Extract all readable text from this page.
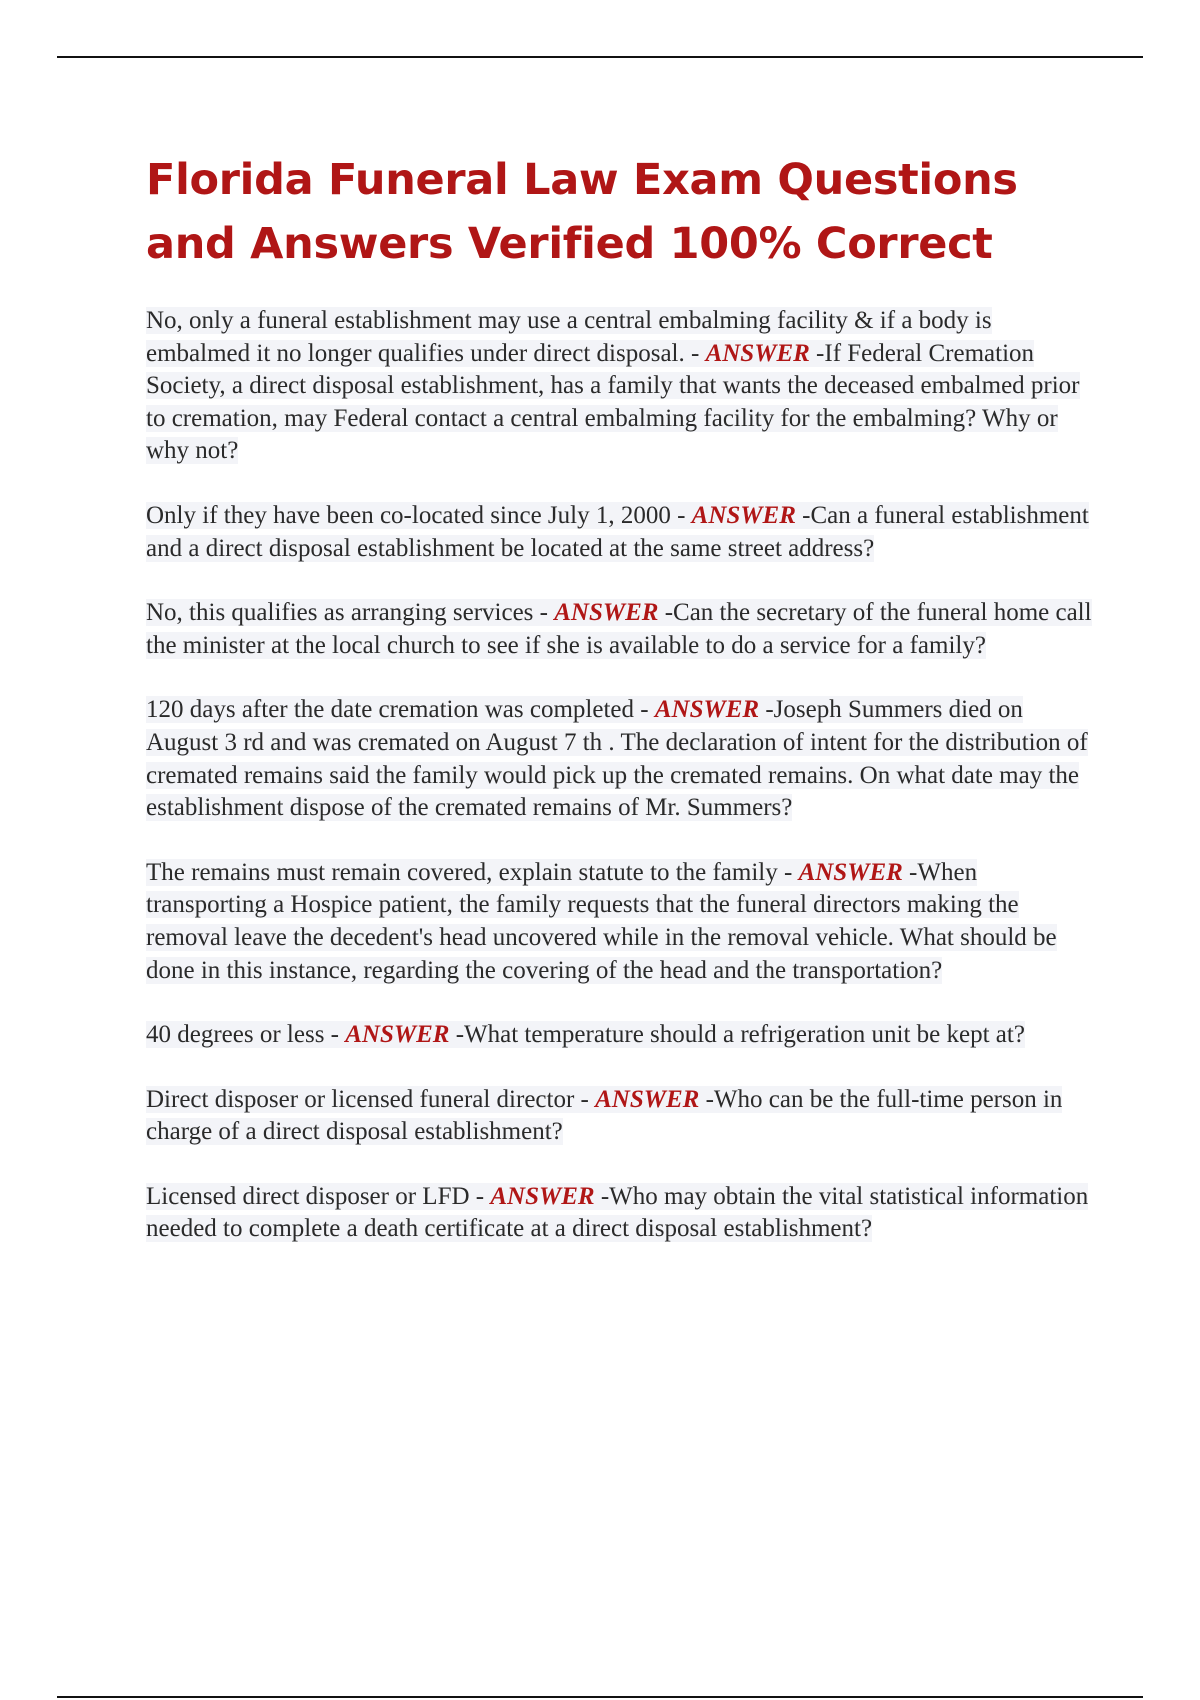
Florida Funeral Law Exam Questions and Answers Verified 100% Correct

No, only a funeral establishment may use a central embalming facility & if a body is embalmed it no longer qualifies under direct disposal. - ANSWER -If Federal Cremation Society, a direct disposal establishment, has a family that wants the deceased embalmed prior to cremation, may Federal contact a central embalming facility for the embalming? Why or why not?

Only if they have been co-located since July 1, 2000 - ANSWER -Can a funeral establishment and a direct disposal establishment be located at the same street address?

No, this qualifies as arranging services - ANSWER -Can the secretary of the funeral home call the minister at the local church to see if she is available to do a service for a family?

120 days after the date cremation was completed - ANSWER -Joseph Summers died on August 3 rd and was cremated on August 7 th . The declaration of intent for the distribution of cremated remains said the family would pick up the cremated remains. On what date may the establishment dispose of the cremated remains of Mr. Summers?

The remains must remain covered, explain statute to the family - ANSWER -When transporting a Hospice patient, the family requests that the funeral directors making the removal leave the decedent's head uncovered while in the removal vehicle. What should be done in this instance, regarding the covering of the head and the transportation?

40 degrees or less - ANSWER -What temperature should a refrigeration unit be kept at?

Direct disposer or licensed funeral director - ANSWER -Who can be the full-time person in charge of a direct disposal establishment?

Licensed direct disposer or LFD - ANSWER -Who may obtain the vital statistical information needed to complete a death certificate at a direct disposal establishment?
